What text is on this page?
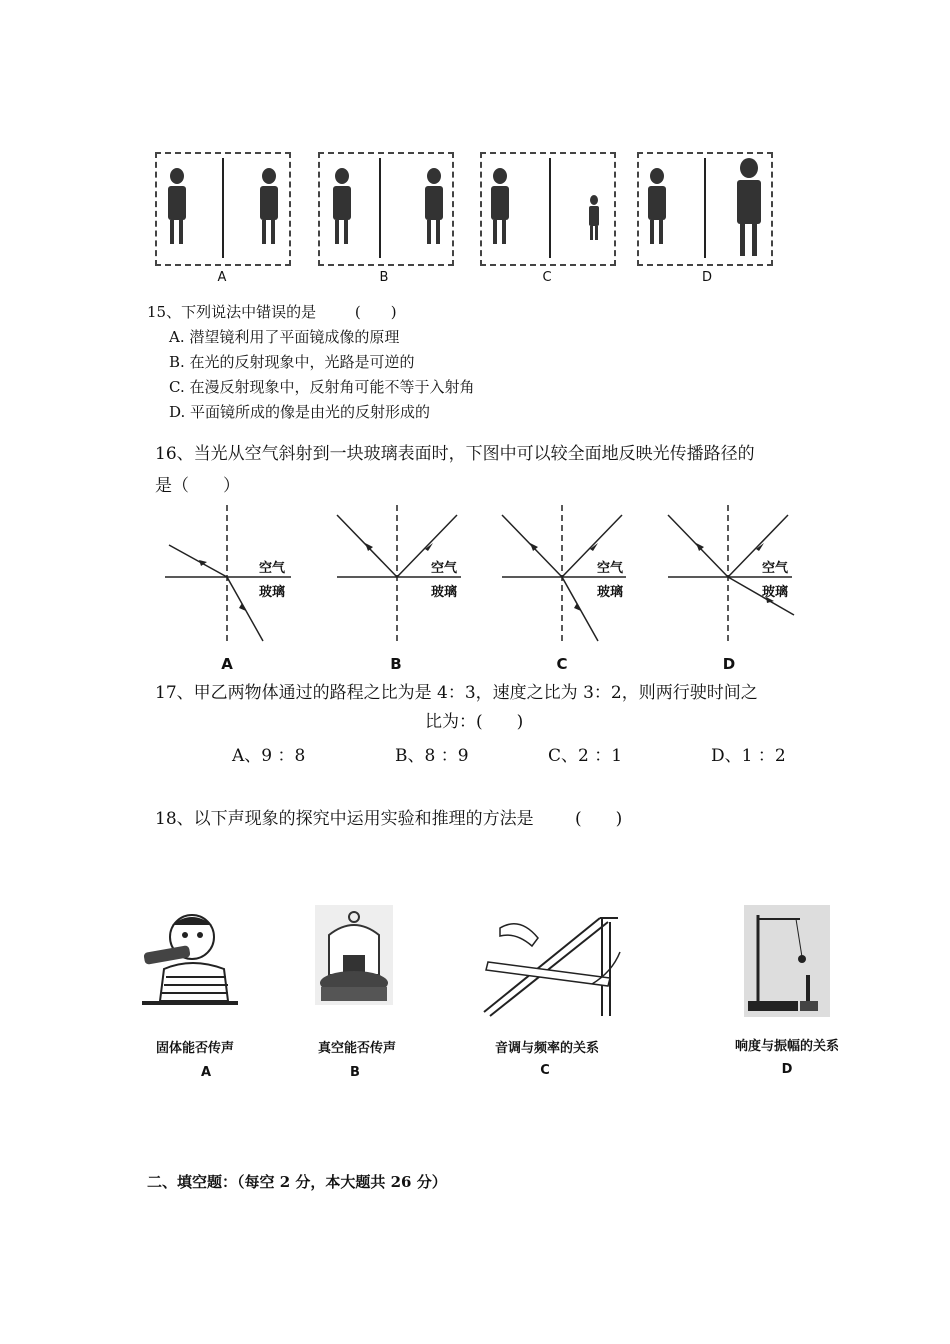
A	B	C	D
15、下列说法中错误的是	(　　)
A. 潜望镜利用了平面镜成像的原理
B. 在光的反射现象中，光路是可逆的
C. 在漫反射现象中，反射角可能不等于入射角
D. 平面镜所成的像是由光的反射形成的
16、当光从空气斜射到一块玻璃表面时，下图中可以较全面地反映光传播路径的
是（　　）
空气
玻璃
空气
玻璃
空气
玻璃
空气
玻璃
A	B	C	D
17、甲乙两物体通过的路程之比为是 4：3，速度之比为 3：2，则两行驶时间之
比为：(　　)
A、9 ：8	B、8 ：9	C、2 ：1	D、1 ：2
18、以下声现象的探究中运用实验和推理的方法是 (　　)
固体能否传声	真空能否传声	音调与频率的关系	响度与振幅的关系
A	B	C	D
二、填空题：（每空 2 分，本大题共 26 分）
